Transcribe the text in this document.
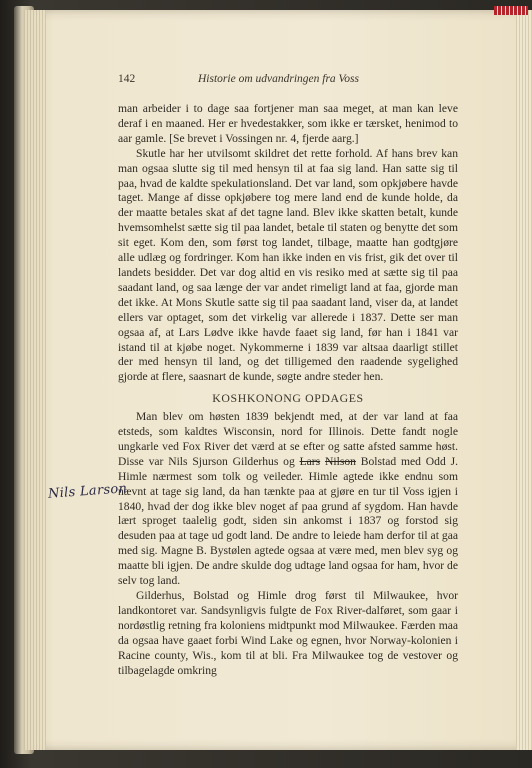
142	Historie om udvandringen fra Voss

man arbeider i to dage saa fortjener man saa meget, at man kan leve deraf i en maaned. Her er hvedestakker, som ikke er tærsket, henimod to aar gamle. [Se brevet i Vossingen nr. 4, fjerde aarg.]

Skutle har her utvilsomt skildret det rette forhold. Af hans brev kan man ogsaa slutte sig til med hensyn til at faa sig land. Han satte sig til paa, hvad de kaldte spekulationsland. Det var land, som opkjøbere havde taget. Mange af disse opkjøbere tog mere land end de kunde holde, da der maatte betales skat af det tagne land. Blev ikke skatten betalt, kunde hvemsomhelst sætte sig til paa landet, betale til staten og benytte det som sit eget. Kom den, som først tog landet, tilbage, maatte han godtgjøre alle udlæg og fordringer. Kom han ikke inden en vis frist, gik det over til landets besidder. Det var dog altid en vis resiko med at sætte sig til paa saadant land, og saa længe der var andet rimeligt land at faa, gjorde man det ikke. At Mons Skutle satte sig til paa saadant land, viser da, at landet ellers var optaget, som det virkelig var allerede i 1837. Dette ser man ogsaa af, at Lars Lødve ikke havde faaet sig land, før han i 1841 var istand til at kjøbe noget. Nykommerne i 1839 var altsaa daarligt stillet der med hensyn til land, og det tilligemed den raadende sygelighed gjorde at flere, saasnart de kunde, søgte andre steder hen.

KOSHKONONG OPDAGES

Man blev om høsten 1839 bekjendt med, at der var land at faa etsteds, som kaldtes Wisconsin, nord for Illinois. Dette fandt nogle ungkarle ved Fox River det værd at se efter og satte afsted samme høst. Disse var Nils Sjurson Gilderhus og Lars Nilson Bolstad med Odd J. Himle nærmest som tolk og veileder. Himle agtede ikke endnu som nævnt at tage sig land, da han tænkte paa at gjøre en tur til Voss igjen i 1840, hvad der dog ikke blev noget af paa grund af sygdom. Han havde lært sproget taalelig godt, siden sin ankomst i 1837 og forstod sig desuden paa at tage ud godt land. De andre to leiede ham derfor til at gaa med sig. Magne B. Bystølen agtede ogsaa at være med, men blev syg og maatte bli igjen. De andre skulde dog udtage land ogsaa for ham, hvor de selv tog land.

Gilderhus, Bolstad og Himle drog først til Milwaukee, hvor landkontoret var. Sandsynligvis fulgte de Fox River-dalføret, som gaar i nordøstlig retning fra koloniens midtpunkt mod Milwaukee. Færden maa da ogsaa have gaaet forbi Wind Lake og egnen, hvor Norway-kolonien i Racine county, Wis., kom til at bli. Fra Milwaukee tog de vestover og tilbagelagde omkring

Nils Larson
